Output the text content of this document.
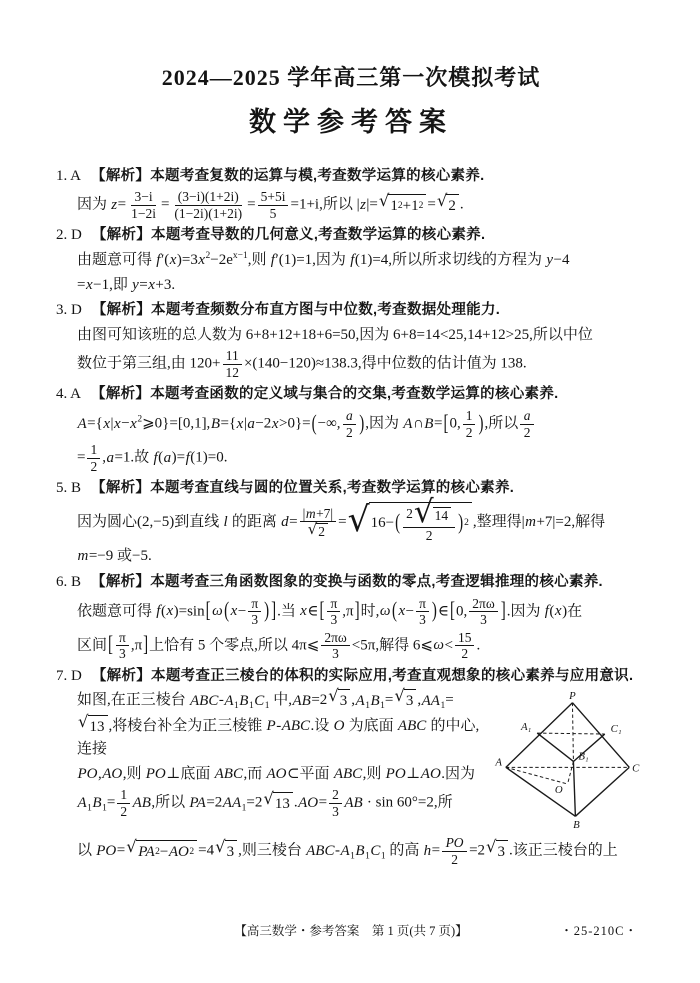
2024—2025 学年高三第一次模拟考试
数学参考答案
1. A 【解析】本题考查复数的运算与模,考查数学运算的核心素养.
因为 $z= \frac{3-i}{1-2i} = \frac{(3-i)(1+2i)}{(1-2i)(1+2i)} = \frac{5+5i}{5} =1+i$,所以 |z|= √ 1 2 +1 2 = √ 2 .
2. D 【解析】本题考查导数的几何意义,考查数学运算的核心素养.
由题意可得 $f'(x)=3x^2-2e^{x-1}$,则 f′(1)=1,因为 f(1)=4,所以所求切线的方程为 y−4
=x−1,即 y=x+3.
3. D 【解析】本题考查频数分布直方图与中位数,考查数据处理能力.
由图可知该班的总人数为 6+8+12+18+6=50,因为 6+8=14<25,14+12>25,所以中位
数位于第三组,由 $120+ \frac{11}{12} \times(140-120)\approx 138.3$,得中位数的估计值为 138.
4. A 【解析】本题考查函数的定义域与集合的交集,考查数学运算的核心素养.
$A=\{x|x-x^2⩾0\}=[0,1],B=\{x|a-2x>0\}=(-\infty$, $\frac{a}{2}$ ),因为 A∩B=[0, $\frac{1}{2}$ ),所以 $\frac{a}{2}$
= $\frac{1}{2} ,a=1$.故 f(a)=f(1)=0.
5. B 【解析】本题考查直线与圆的位置关系,考查数学运算的核心素养.
因为圆心(2,−5)到直线 l 的距离 $d= \frac{|m+7|}{√ 2}$ = √ 16− ( $\frac{2 √ 14}{2}$ ) 2 ,整理得|m+7|=2,解得
m=−9 或−5.
6. B 【解析】本题考查三角函数图象的变换与函数的零点,考查逻辑推理的核心素养.
依题意可得 f(x)=sin[ ω ( $x- \frac{\pi}{3}$ ) ].当 x∈[ $\frac{\pi}{3} ,\pi$]时,ω ( $x- \frac{\pi}{3}$ )∈[0, $\frac{2\pi\omega}{3}$ ].因为 f(x)在
区间[ $\frac{\pi}{3} ,\pi$]上恰有 5 个零点,所以 4π⩽ $\frac{2\pi\omega}{3} <5\pi$,解得 6⩽ω< $\frac{15}{2}$ .
7. D 【解析】本题考查正三棱台的体积的实际应用,考查直观想象的核心素养与应用意识.
P
A₁	C₁
A	B₁
C
O
B
如图,在正三棱台 ABC-$A_1B_1C_1$ 中,AB=2 √ 3 $,A_1B_1=$ √ 3 $,AA_1=$
√ 13 ,将棱台补全为正三棱锥 P-ABC.设 O 为底面 ABC 的中心,连接
PO,AO,则 PO⊥底面 ABC,而 AO⊂平面 ABC,则 PO⊥AO.因为
$A_1B_1= \frac{1}{2}$ AB,所以 $PA=2AA_1=2$ √ 13 $.AO= \frac{2}{3}$ AB · sin 60°=2,所
以 PO= √ PA 2 − AO 2 =4 √ 3 ,则三棱台 ABC-$A_1B_1C_1$ 的高 $h= \frac{PO}{2} =2$ √ 3 .该正三棱台的上
【高三数学・参考答案　第 1 页(共 7 页)】	・25-210C・
